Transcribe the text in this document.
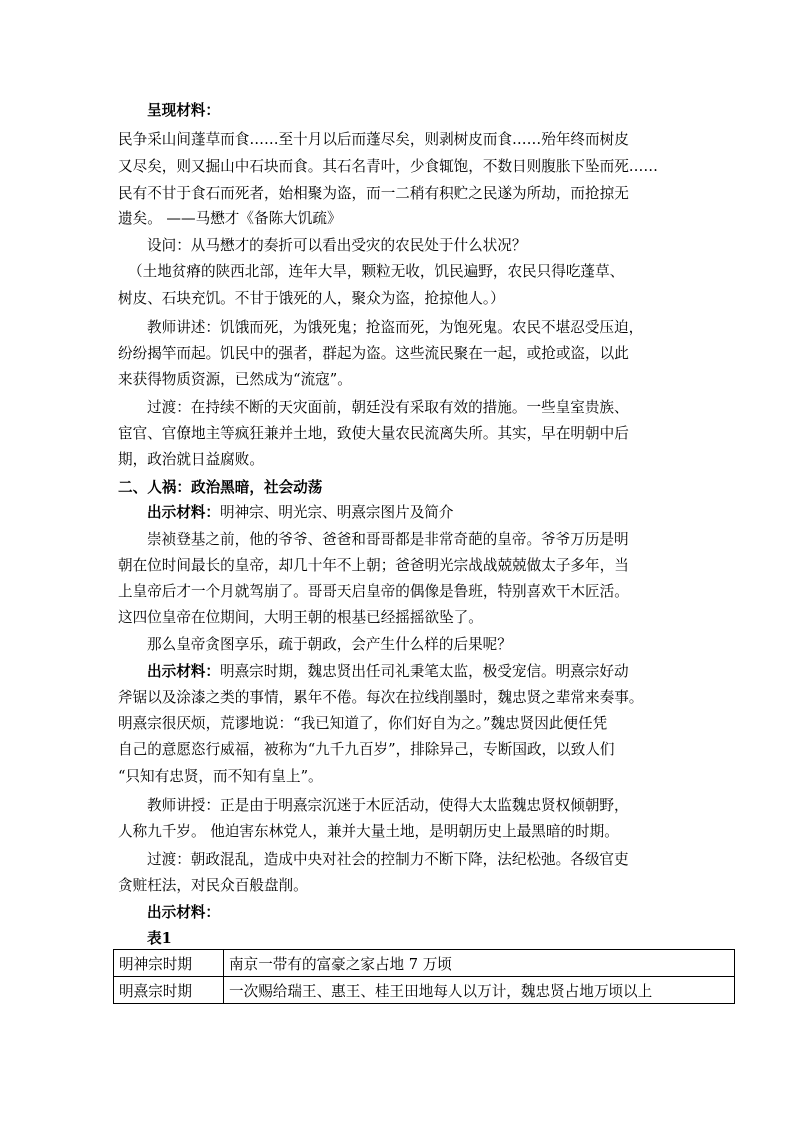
呈现材料：
民争采山间蓬草而食……至十月以后而蓬尽矣，则剥树皮而食……殆年终而树皮
又尽矣，则又掘山中石块而食。其石名青叶，少食辄饱，不数日则腹胀下坠而死……
民有不甘于食石而死者，始相聚为盗，而一二稍有积贮之民遂为所劫，而抢掠无
遗矣。 ——马懋才《备陈大饥疏》
设问：从马懋才的奏折可以看出受灾的农民处于什么状况？
（土地贫瘠的陕西北部，连年大旱，颗粒无收，饥民遍野，农民只得吃蓬草、
树皮、石块充饥。不甘于饿死的人，聚众为盗，抢掠他人。）
教师讲述：饥饿而死，为饿死鬼；抢盗而死，为饱死鬼。农民不堪忍受压迫，
纷纷揭竿而起。饥民中的强者，群起为盗。这些流民聚在一起，或抢或盗，以此
来获得物质资源，已然成为“流寇”。
过渡：在持续不断的天灾面前，朝廷没有采取有效的措施。一些皇室贵族、
宦官、官僚地主等疯狂兼并土地，致使大量农民流离失所。其实，早在明朝中后
期，政治就日益腐败。
二、人祸：政治黑暗，社会动荡
出示材料：明神宗、明光宗、明熹宗图片及简介
崇祯登基之前，他的爷爷、爸爸和哥哥都是非常奇葩的皇帝。爷爷万历是明
朝在位时间最长的皇帝，却几十年不上朝；爸爸明光宗战战兢兢做太子多年，当
上皇帝后才一个月就驾崩了。哥哥天启皇帝的偶像是鲁班，特别喜欢干木匠活。
这四位皇帝在位期间，大明王朝的根基已经摇摇欲坠了。
那么皇帝贪图享乐，疏于朝政，会产生什么样的后果呢？
出示材料：明熹宗时期，魏忠贤出任司礼秉笔太监，极受宠信。明熹宗好动
斧锯以及涂漆之类的事情，累年不倦。每次在拉线削墨时，魏忠贤之辈常来奏事。
明熹宗很厌烦，荒谬地说：“我已知道了，你们好自为之。”魏忠贤因此便任凭
自己的意愿恣行威福，被称为“九千九百岁”，排除异己，专断国政，以致人们
“只知有忠贤，而不知有皇上”。
教师讲授：正是由于明熹宗沉迷于木匠活动，使得大太监魏忠贤权倾朝野，
人称九千岁。 他迫害东林党人，兼并大量土地，是明朝历史上最黑暗的时期。
过渡：朝政混乱，造成中央对社会的控制力不断下降，法纪松弛。各级官吏
贪赃枉法，对民众百般盘削。
出示材料：
表1
明神宗时期	南京一带有的富豪之家占地 7 万顷
明熹宗时期	一次赐给瑞王、惠王、桂王田地每人以万计，魏忠贤占地万顷以上
